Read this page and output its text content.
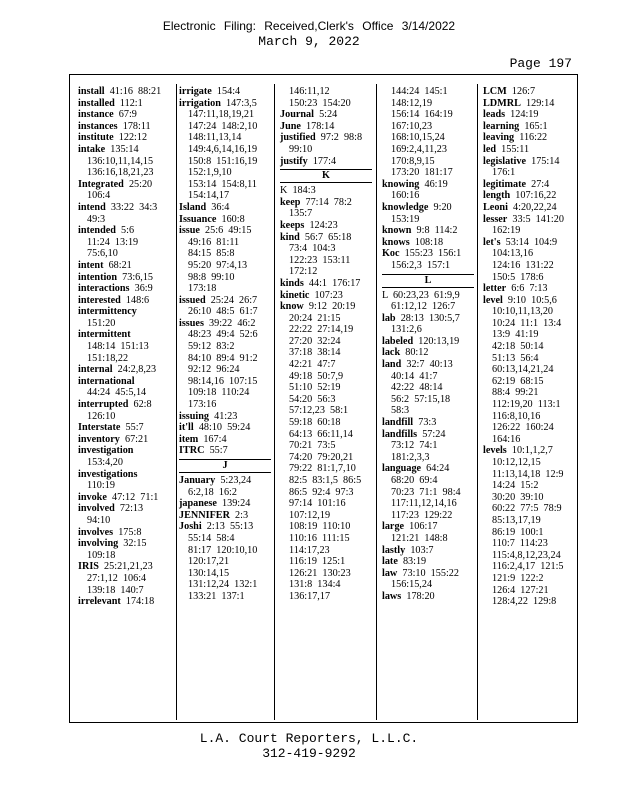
Electronic Filing: Received,Clerk's Office 3/14/2022
March 9, 2022
Page 197
install 41:16  88:21
installed 112:1
instance 67:9
instances 178:11
institute 122:12
intake 135:14
136:10,11,14,15
136:16,18,21,23
Integrated 25:20
106:4
intend 33:22  34:3
49:3
intended 5:6
11:24  13:19
75:6,10
intent 68:21
intention 73:6,15
interactions 36:9
interested 148:6
intermittency
151:20
intermittent
148:14  151:13
151:18,22
internal 24:2,8,23
international
44:24  45:5,14
interrupted 62:8
126:10
Interstate 55:7
inventory 67:21
investigation
153:4,20
investigations
110:19
invoke 47:12  71:1
involved 72:13
94:10
involves 175:8
involving 32:15
109:18
IRIS 25:21,21,23
27:1,12  106:4
139:18  140:7
irrelevant 174:18
irrigate 154:4
irrigation 147:3,5
147:11,18,19,21
147:24  148:2,10
148:11,13,14
149:4,6,14,16,19
150:8  151:16,19
152:1,9,10
153:14  154:8,11
154:14,17
Island 36:4
Issuance 160:8
issue 25:6  49:15
49:16  81:11
84:15  85:8
95:20  97:4,13
98:8  99:10
173:18
issued 25:24  26:7
26:10  48:5  61:7
issues 39:22  46:2
48:23  49:4  52:6
59:12  83:2
84:10  89:4  91:2
92:12  96:24
98:14,16  107:15
109:18  110:24
173:16
issuing 41:23
it'll 48:10  59:24
item 167:4
ITRC 55:7
J
January 5:23,24
6:2,18  16:2
japanese 139:24
JENNIFER 2:3
Joshi 2:13  55:13
55:14  58:4
81:17  120:10,10
120:17,21
130:14,15
131:12,24  132:1
133:21  137:1
146:11,12
150:23  154:20
Journal 5:24
June 178:14
justified 97:2  98:8
99:10
justify 177:4
K
K  184:3
keep 77:14  78:2
135:7
keeps 124:23
kind 56:7  65:18
73:4  104:3
122:23  153:11
172:12
kinds 44:1  176:17
kinetic 107:23
know 9:12  20:19
20:24  21:15
22:22  27:14,19
27:20  32:24
37:18  38:14
42:21  47:7
49:18  50:7,9
51:10  52:19
54:20  56:3
57:12,23  58:1
59:18  60:18
64:13  66:11,14
70:21  73:5
74:20  79:20,21
79:22  81:1,7,10
82:5  83:1,5  86:5
86:5  92:4  97:3
97:14  101:16
107:12,19
108:19  110:10
110:16  111:15
114:17,23
116:19  125:1
126:21  130:23
131:8  134:4
136:17,17
144:24  145:1
148:12,19
156:14  164:19
167:10,23
168:10,15,24
169:2,4,11,23
170:8,9,15
173:20  181:17
knowing 46:19
160:16
knowledge 9:20
153:19
known 9:8  114:2
knows 108:18
Koc 155:23  156:1
156:2,3  157:1
L
L  60:23,23  61:9,9
61:12,12  126:7
lab 28:13  130:5,7
131:2,6
labeled 120:13,19
lack 80:12
land 32:7  40:13
40:14  41:7
42:22  48:14
56:2  57:15,18
58:3
landfill 73:3
landfills 57:24
73:12  74:1
181:2,3,3
language 64:24
68:20  69:4
70:23  71:1  98:4
117:11,12,14,16
117:23  129:22
large 106:17
121:21  148:8
lastly 103:7
late 83:19
law 73:10  155:22
156:15,24
laws 178:20
LCM 126:7
LDMRL 129:14
leads 124:19
learning 165:1
leaving 116:22
led 155:11
legislative 175:14
176:1
legitimate 27:4
length 107:16,22
Leoni 4:20,22,24
lesser 33:5  141:20
162:19
let's 53:14  104:9
104:13,16
124:16  131:22
150:5  178:6
letter 6:6  7:13
level 9:10  10:5,6
10:10,11,13,20
10:24  11:1  13:4
13:9  41:19
42:18  50:14
51:13  56:4
60:13,14,21,24
62:19  68:15
88:4  99:21
112:19,20  113:1
116:8,10,16
126:22  160:24
164:16
levels 10:1,1,2,7
10:12,12,15
11:13,14,18  12:9
14:24  15:2
30:20  39:10
60:22  77:5  78:9
85:13,17,19
86:19  100:1
110:7  114:23
115:4,8,12,23,24
116:2,4,17  121:5
121:9  122:2
126:4  127:21
128:4,22  129:8
L.A. Court Reporters, L.L.C.
312-419-9292
